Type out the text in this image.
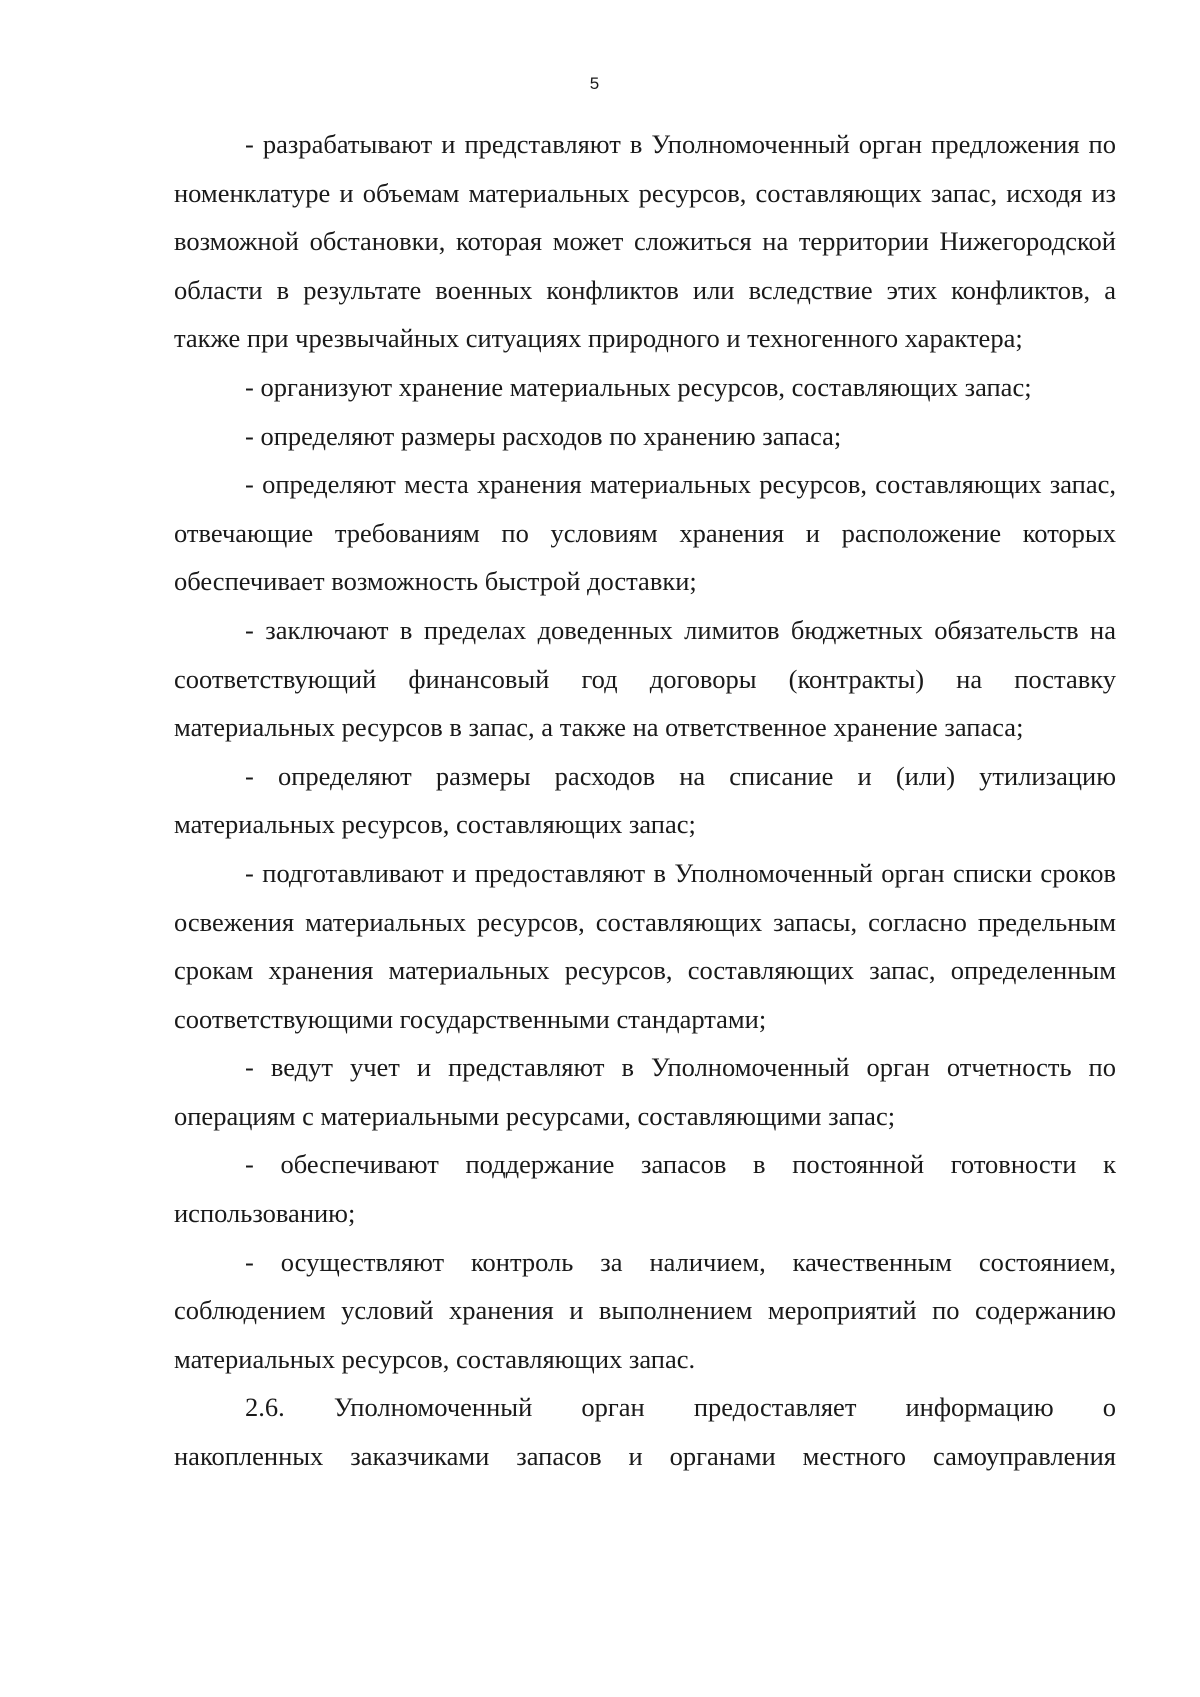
5

- разрабатывают и представляют в Уполномоченный орган предложения по номенклатуре и объемам материальных ресурсов, составляющих запас, исходя из возможной обстановки, которая может сложиться на территории Нижегородской области в результате военных конфликтов или вследствие этих конфликтов, а также при чрезвычайных ситуациях природного и техногенного характера;

- организуют хранение материальных ресурсов, составляющих запас;

- определяют размеры расходов по хранению запаса;

- определяют места хранения материальных ресурсов, составляющих запас, отвечающие требованиям по условиям хранения и расположение которых обеспечивает возможность быстрой доставки;

- заключают в пределах доведенных лимитов бюджетных обязательств на соответствующий финансовый год договоры (контракты) на поставку материальных ресурсов в запас, а также на ответственное хранение запаса;

- определяют размеры расходов на списание и (или) утилизацию материальных ресурсов, составляющих запас;

- подготавливают и предоставляют в Уполномоченный орган списки сроков освежения материальных ресурсов, составляющих запасы, согласно предельным срокам хранения материальных ресурсов, составляющих запас, определенным соответствующими государственными стандартами;

- ведут учет и представляют в Уполномоченный орган отчетность по операциям с материальными ресурсами, составляющими запас;

- обеспечивают поддержание запасов в постоянной готовности к использованию;

- осуществляют контроль за наличием, качественным состоянием, соблюдением условий хранения и выполнением мероприятий по содержанию материальных ресурсов, составляющих запас.

2.6. Уполномоченный орган предоставляет информацию о

накопленных заказчиками запасов и органами местного самоуправления
